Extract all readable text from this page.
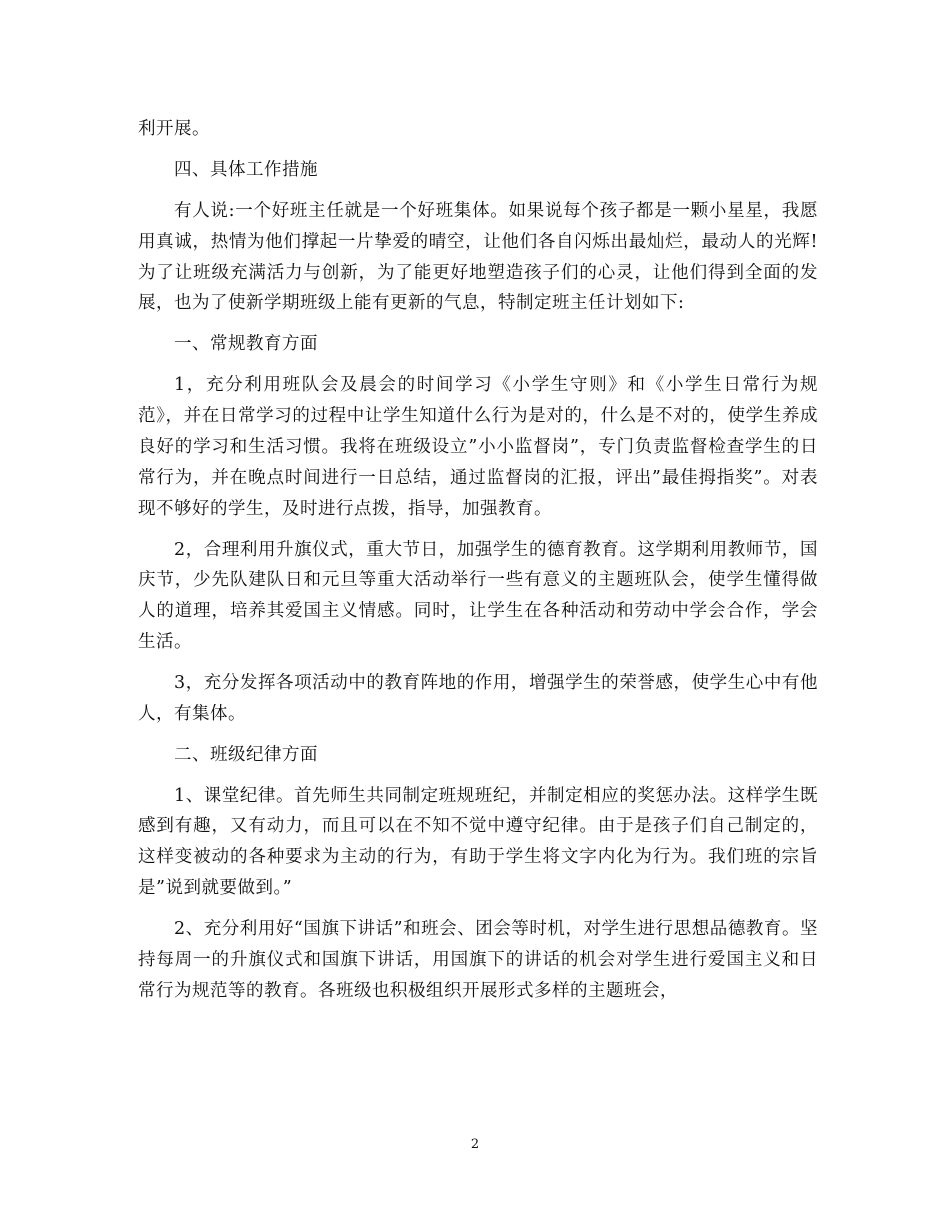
利开展。

四、具体工作措施

有人说:一个好班主任就是一个好班集体。如果说每个孩子都是一颗小星星，我愿用真诚，热情为他们撑起一片挚爱的晴空，让他们各自闪烁出最灿烂，最动人的光辉!为了让班级充满活力与创新，为了能更好地塑造孩子们的心灵，让他们得到全面的发展，也为了使新学期班级上能有更新的气息，特制定班主任计划如下:

一、常规教育方面

1，充分利用班队会及晨会的时间学习《小学生守则》和《小学生日常行为规范》，并在日常学习的过程中让学生知道什么行为是对的，什么是不对的，使学生养成良好的学习和生活习惯。我将在班级设立”小小监督岗”，专门负责监督检查学生的日常行为，并在晚点时间进行一日总结，通过监督岗的汇报，评出”最佳拇指奖”。对表现不够好的学生，及时进行点拨，指导，加强教育。

2，合理利用升旗仪式，重大节日，加强学生的德育教育。这学期利用教师节，国庆节，少先队建队日和元旦等重大活动举行一些有意义的主题班队会，使学生懂得做人的道理，培养其爱国主义情感。同时，让学生在各种活动和劳动中学会合作，学会生活。

3，充分发挥各项活动中的教育阵地的作用，增强学生的荣誉感，使学生心中有他人，有集体。

二、班级纪律方面

1、课堂纪律。首先师生共同制定班规班纪，并制定相应的奖惩办法。这样学生既感到有趣，又有动力，而且可以在不知不觉中遵守纪律。由于是孩子们自己制定的，这样变被动的各种要求为主动的行为，有助于学生将文字内化为行为。我们班的宗旨是”说到就要做到。”

2、充分利用好“国旗下讲话”和班会、团会等时机，对学生进行思想品德教育。坚持每周一的升旗仪式和国旗下讲话，用国旗下的讲话的机会对学生进行爱国主义和日常行为规范等的教育。各班级也积极组织开展形式多样的主题班会，

2
